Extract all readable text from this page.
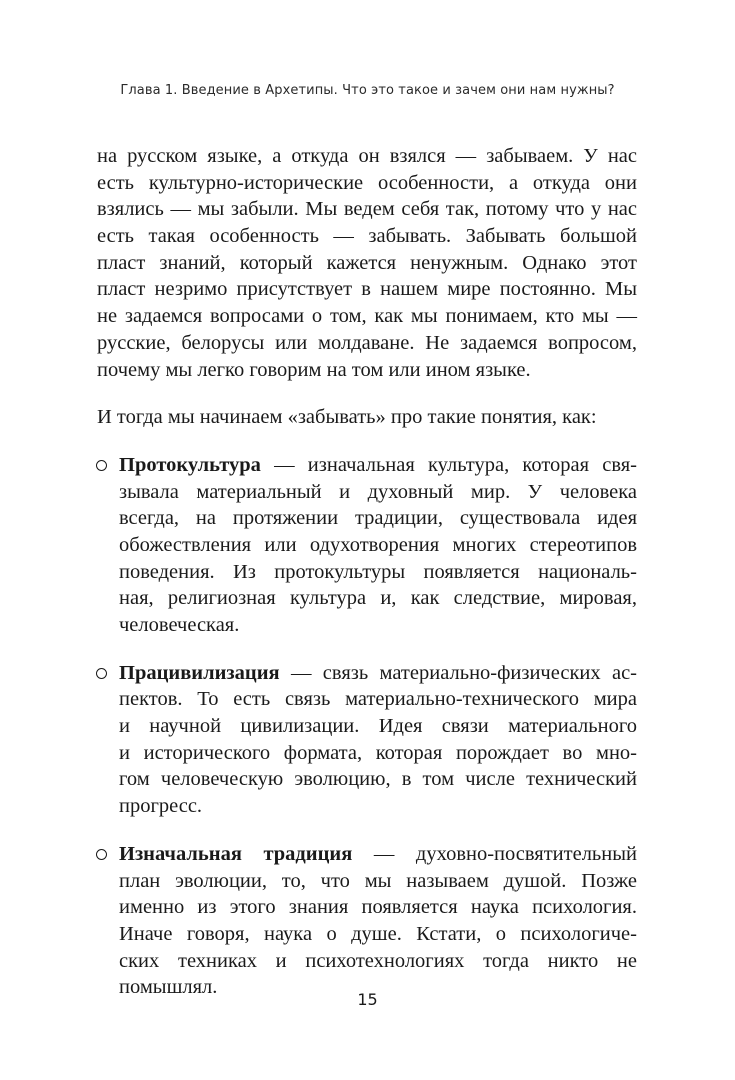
Глава 1. Введение в Архетипы. Что это такое и зачем они нам нужны?
на русском языке, а откуда он взялся — забываем. У нас
есть культурно-исторические особенности, а откуда они
взялись — мы забыли. Мы ведем себя так, потому что у нас
есть такая особенность — забывать. Забывать большой
пласт знаний, который кажется ненужным. Однако этот
пласт незримо присутствует в нашем мире постоянно. Мы
не задаемся вопросами о том, как мы понимаем, кто мы —
русские, белорусы или молдаване. Не задаемся вопросом,
почему мы легко говорим на том или ином языке.
И тогда мы начинаем «забывать» про такие понятия, как:
Протокультура — изначальная культура, которая свя-
зывала материальный и духовный мир. У человека
всегда, на протяжении традиции, существовала идея
обожествления или одухотворения многих стереотипов
поведения. Из протокультуры появляется националь-
ная, религиозная культура и, как следствие, мировая,
человеческая.
Працивилизация — связь материально-физических ас-
пектов. То есть связь материально-технического мира
и научной цивилизации. Идея связи материального
и исторического формата, которая порождает во мно-
гом человеческую эволюцию, в том числе технический
прогресс.
Изначальная традиция — духовно-посвятительный
план эволюции, то, что мы называем душой. Позже
именно из этого знания появляется наука психология.
Иначе говоря, наука о душе. Кстати, о психологиче-
ских техниках и психотехнологиях тогда никто не
помышлял.
15
